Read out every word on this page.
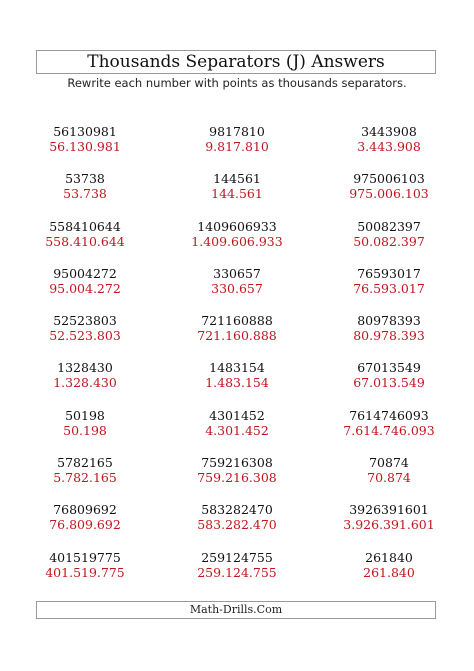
Thousands Separators (J) Answers
Rewrite each number with points as thousands separators.
56130981
56.130.981
9817810
9.817.810
3443908
3.443.908
53738
53.738
144561
144.561
975006103
975.006.103
558410644
558.410.644
1409606933
1.409.606.933
50082397
50.082.397
95004272
95.004.272
330657
330.657
76593017
76.593.017
52523803
52.523.803
721160888
721.160.888
80978393
80.978.393
1328430
1.328.430
1483154
1.483.154
67013549
67.013.549
50198
50.198
4301452
4.301.452
7614746093
7.614.746.093
5782165
5.782.165
759216308
759.216.308
70874
70.874
76809692
76.809.692
583282470
583.282.470
3926391601
3.926.391.601
401519775
401.519.775
259124755
259.124.755
261840
261.840
Math-Drills.Com
